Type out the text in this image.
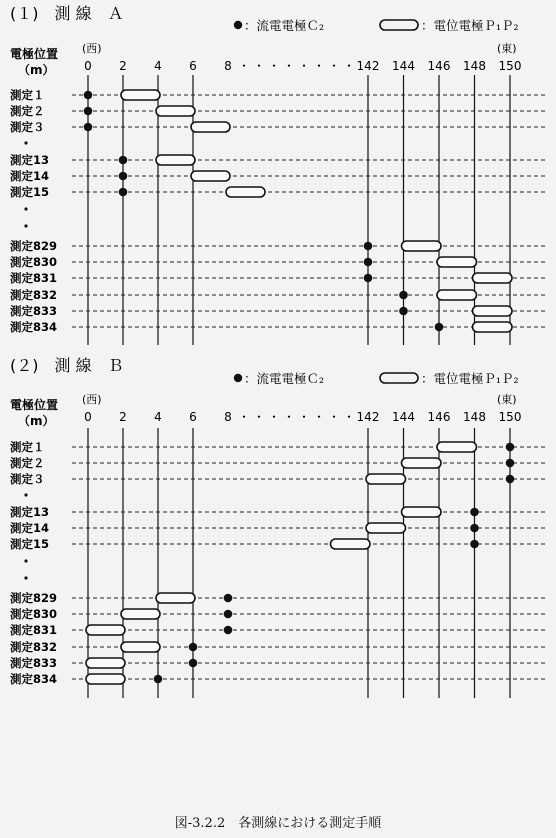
(１)　測 線　Ａ
：流電電極Ｃ₂	：電位電極Ｐ₁Ｐ₂
電極位置
（m）
(西)	(東)
0 2 4 6 8	142 144 146 148 150
・・・・・・・・
測定１
測定２
測定３
測定13
測定14
測定15
測定829
測定830
測定831
測定832
測定833
測定834
(２)　測 線　Ｂ
：流電電極Ｃ₂	：電位電極Ｐ₁Ｐ₂
電極位置
（m）
(西)	(東)
0 2 4 6 8	142 144 146 148 150
・・・・・・・・
測定１
測定２
測定３
測定13
測定14
測定15
測定829
測定830
測定831
測定832
測定833
測定834
図-3.2.2　各測線における測定手順
